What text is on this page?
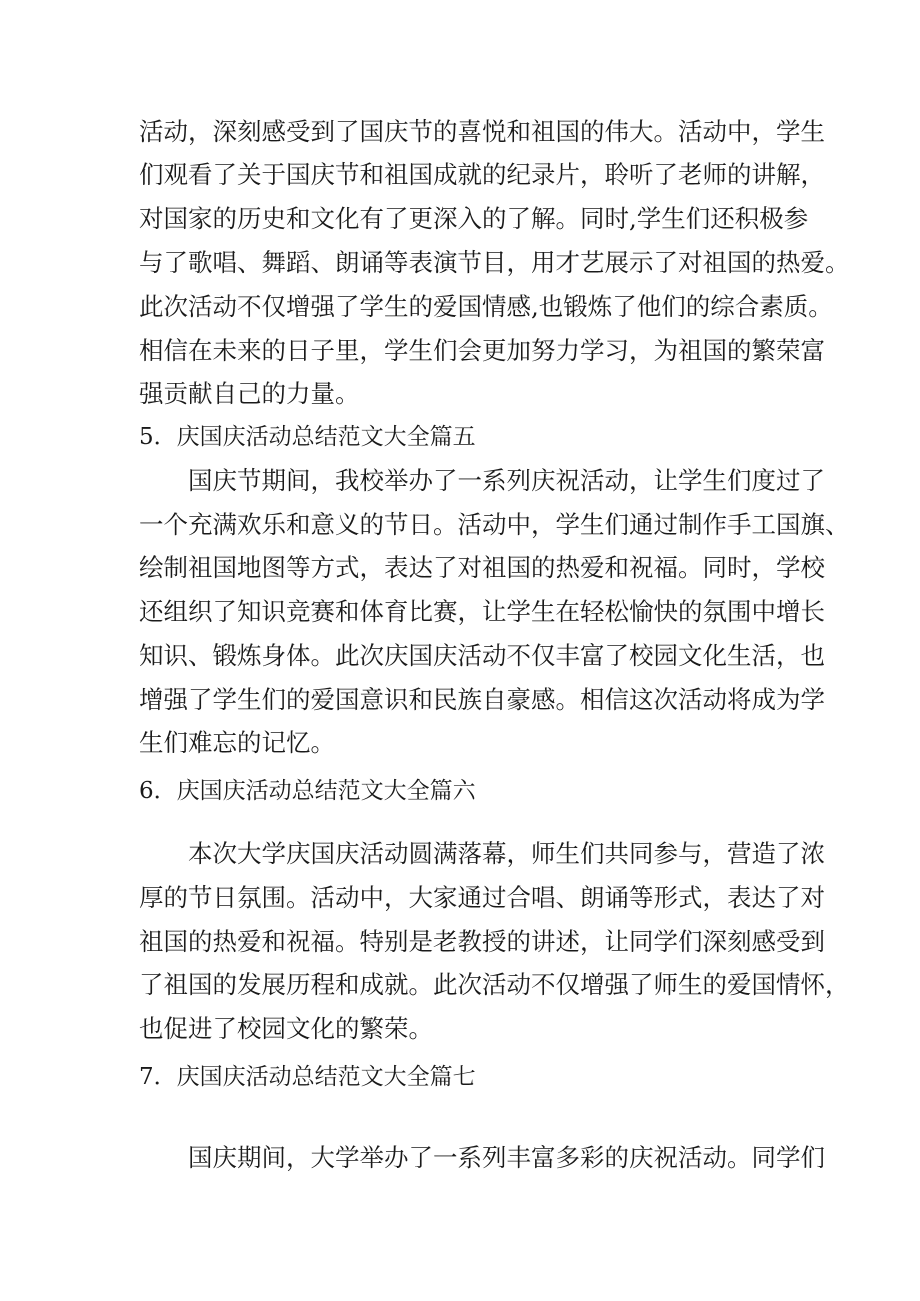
活动，深刻感受到了国庆节的喜悦和祖国的伟大。活动中，学生
们观看了关于国庆节和祖国成就的纪录片，聆听了老师的讲解，
对国家的历史和文化有了更深入的了解。同时,学生们还积极参
与了歌唱、舞蹈、朗诵等表演节目，用才艺展示了对祖国的热爱。
此次活动不仅增强了学生的爱国情感,也锻炼了他们的综合素质。
相信在未来的日子里，学生们会更加努力学习，为祖国的繁荣富
强贡献自己的力量。
5．庆国庆活动总结范文大全篇五
国庆节期间，我校举办了一系列庆祝活动，让学生们度过了
一个充满欢乐和意义的节日。活动中，学生们通过制作手工国旗、
绘制祖国地图等方式，表达了对祖国的热爱和祝福。同时，学校
还组织了知识竞赛和体育比赛，让学生在轻松愉快的氛围中增长
知识、锻炼身体。此次庆国庆活动不仅丰富了校园文化生活，也
增强了学生们的爱国意识和民族自豪感。相信这次活动将成为学
生们难忘的记忆。
6．庆国庆活动总结范文大全篇六
本次大学庆国庆活动圆满落幕，师生们共同参与，营造了浓
厚的节日氛围。活动中，大家通过合唱、朗诵等形式，表达了对
祖国的热爱和祝福。特别是老教授的讲述，让同学们深刻感受到
了祖国的发展历程和成就。此次活动不仅增强了师生的爱国情怀，
也促进了校园文化的繁荣。
7．庆国庆活动总结范文大全篇七
国庆期间，大学举办了一系列丰富多彩的庆祝活动。同学们
